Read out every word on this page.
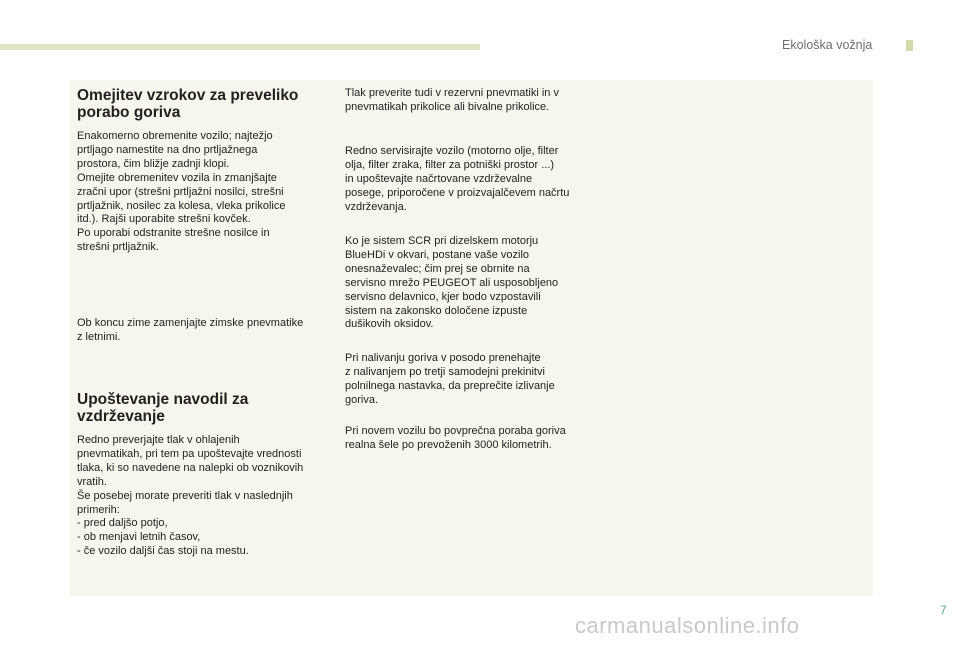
Ekološka vožnja

Omejitev vzrokov za preveliko
porabo goriva

Enakomerno obremenite vozilo; najtežjo
prtljago namestite na dno prtljažnega
prostora, čim bližje zadnji klopi.
Omejite obremenitev vozila in zmanjšajte
zračni upor (strešni prtljažni nosilci, strešni
prtljažnik, nosilec za kolesa, vleka prikolice
itd.). Rajši uporabite strešni kovček.
Po uporabi odstranite strešne nosilce in
strešni prtljažnik.

Ob koncu zime zamenjajte zimske pnevmatike
z letnimi.

Upoštevanje navodil za
vzdrževanje

Redno preverjajte tlak v ohlajenih
pnevmatikah, pri tem pa upoštevajte vrednosti
tlaka, ki so navedene na nalepki ob voznikovih
vratih.
Še posebej morate preveriti tlak v naslednjih
primerih:
- pred daljšo potjo,
- ob menjavi letnih časov,
- če vozilo daljši čas stoji na mestu.

Tlak preverite tudi v rezervni pnevmatiki in v
pnevmatikah prikolice ali bivalne prikolice.

Redno servisirajte vozilo (motorno olje, filter
olja, filter zraka, filter za potniški prostor ...)
in upoštevajte načrtovane vzdrževalne
posege, priporočene v proizvajalčevem načrtu
vzdrževanja.

Ko je sistem SCR pri dizelskem motorju
BlueHDi v okvari, postane vaše vozilo
onesnaževalec; čim prej se obrnite na
servisno mrežo PEUGEOT ali usposobljeno
servisno delavnico, kjer bodo vzpostavili
sistem na zakonsko določene izpuste
dušikovih oksidov.

Pri nalivanju goriva v posodo prenehajte
z nalivanjem po tretji samodejni prekinitvi
polnilnega nastavka, da preprečite izlivanje
goriva.

Pri novem vozilu bo povprečna poraba goriva
realna šele po prevoženih 3000 kilometrih.

7
carmanualsonline.info
